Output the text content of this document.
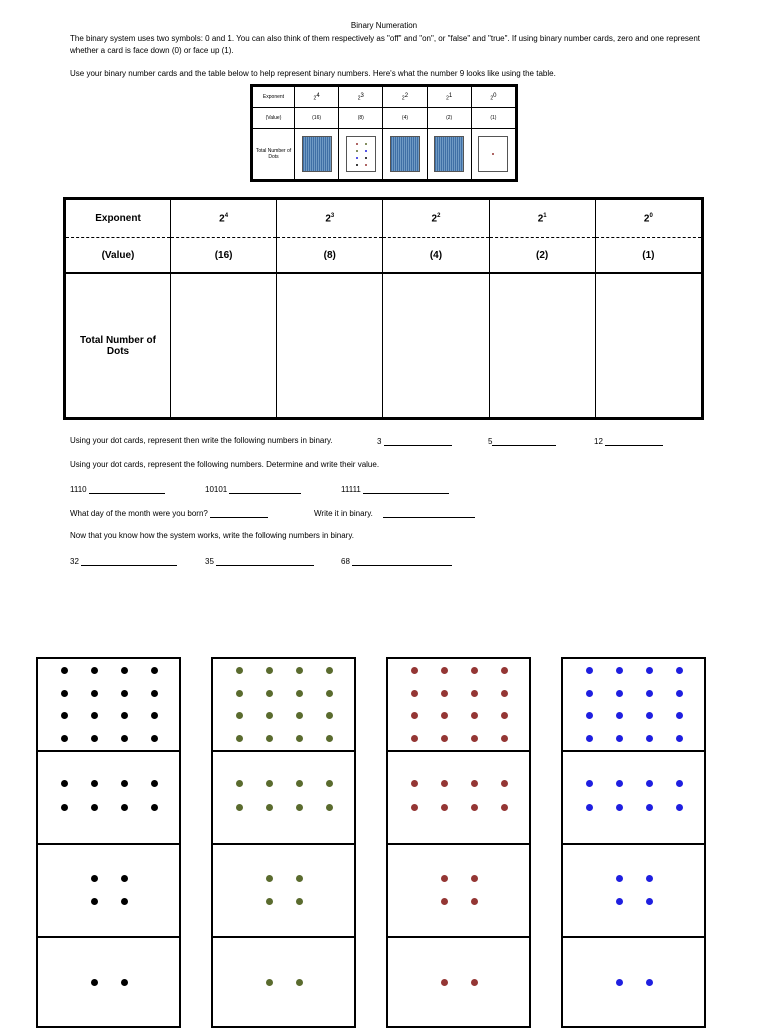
Binary Numeration
The binary system uses two symbols: 0 and 1. You can also think of them respectively as "off" and "on", or "false" and "true". If using binary number cards, zero and one represent whether a card is face down (0) or face up (1).
Use your binary number cards and the table below to help represent binary numbers. Here's what the number 9 looks like using the table.
Exponent	$2^4$	$2^3$	$2^2$	$2^1$	$2^0$
(Value)	(16)	(8)	(4)	(2)	(1)
Total Number of Dots	

Exponent	$2^4$	$2^3$	$2^2$	$2^1$	$2^0$
(Value)	(16)	(8)	(4)	(2)	(1)
Total Number of Dots					
Using your dot cards, represent then write the following numbers in binary.	3	5	12
Using your dot cards, represent the following numbers. Determine and write their value.
1110	10101	11111
What day of the month were you born?	Write it in binary.
Now that you know how the system works, write the following numbers in binary.
32	35	68
